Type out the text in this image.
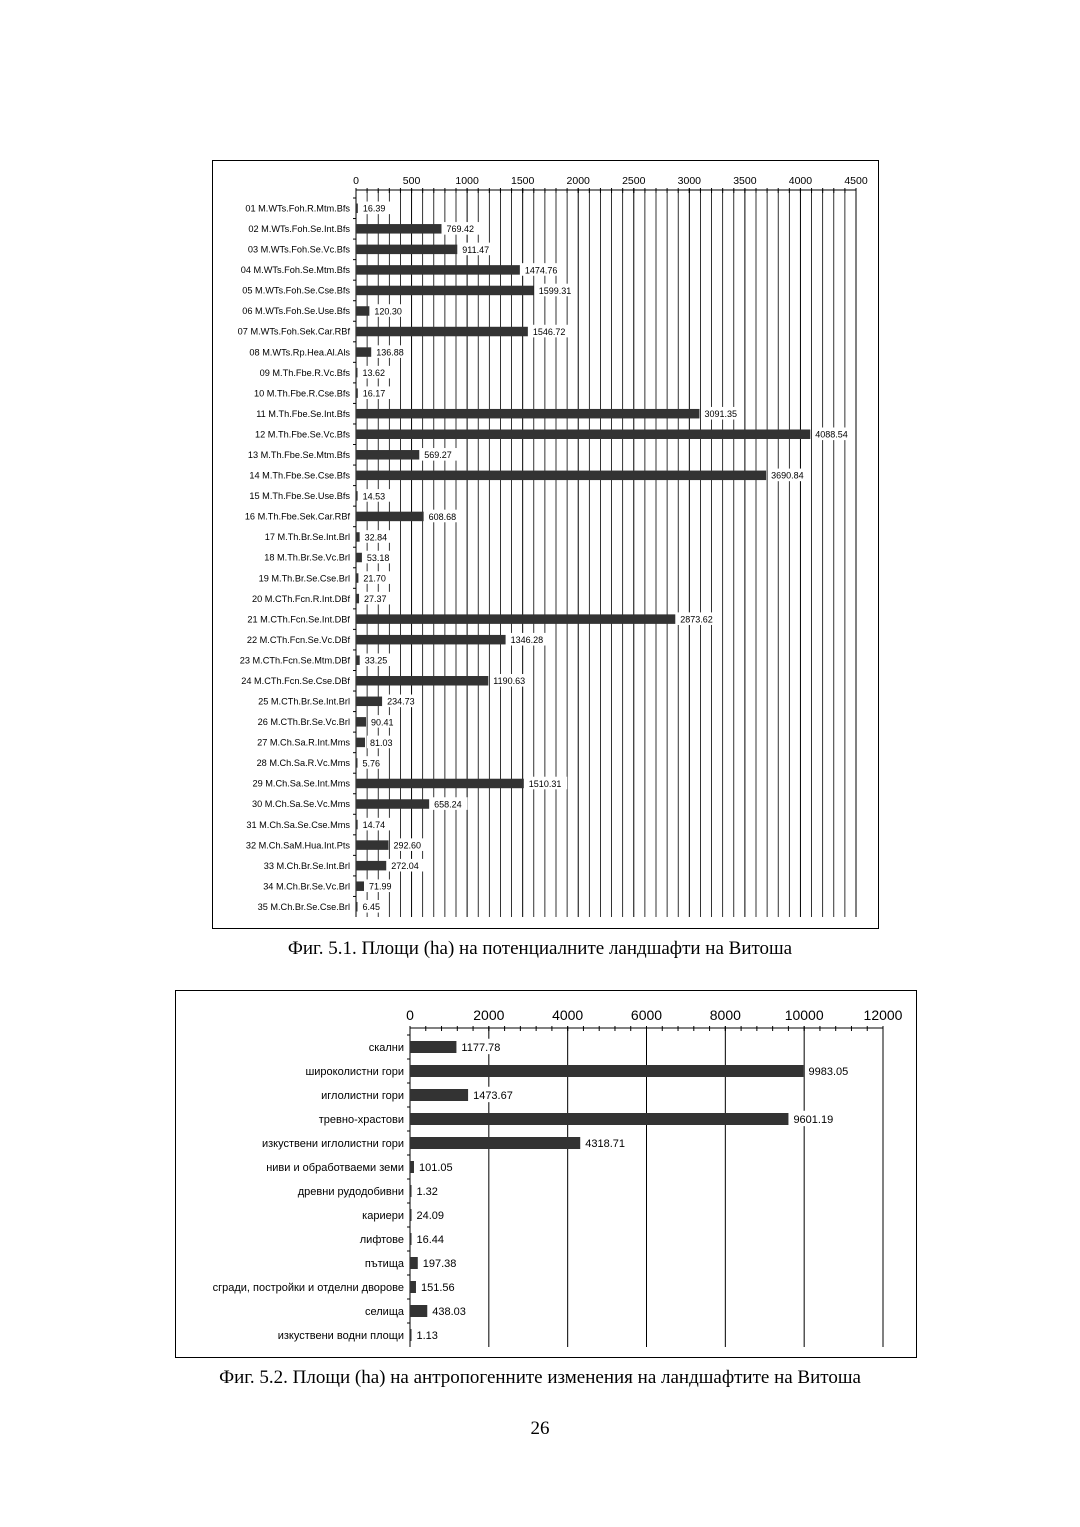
0	500	1000	1500	2000	2500	3000	3500	4000	4500
01 M.WTs.Foh.R.Mtm.Bfs 16.39
02 M.WTs.Foh.Se.Int.Bfs	769.42
03 M.WTs.Foh.Se.Vc.Bfs	911.47
04 M.WTs.Foh.Se.Mtm.Bfs	1474.76
05 M.WTs.Foh.Se.Cse.Bfs	1599.31
06 M.WTs.Foh.Se.Use.Bfs	120.30
07 M.WTs.Foh.Sek.Car.RBf	1546.72
08 M.WTs.Rp.Hea.Al.Als	136.88
09 M.Th.Fbe.R.Vc.Bfs 13.62
10 M.Th.Fbe.R.Cse.Bfs 16.17
11 M.Th.Fbe.Se.Int.Bfs	3091.35
12 M.Th.Fbe.Se.Vc.Bfs	4088.54
13 M.Th.Fbe.Se.Mtm.Bfs	569.27
14 M.Th.Fbe.Se.Cse.Bfs	3690.84
15 M.Th.Fbe.Se.Use.Bfs 14.53
16 M.Th.Fbe.Sek.Car.RBf	608.68
17 M.Th.Br.Se.Int.Brl 32.84
18 M.Th.Br.Se.Vc.Brl 53.18
19 M.Th.Br.Se.Cse.Brl 21.70
20 M.CTh.Fcn.R.Int.DBf 27.37
21 M.CTh.Fcn.Se.Int.DBf	2873.62
22 M.CTh.Fcn.Se.Vc.DBf	1346.28
23 M.CTh.Fcn.Se.Mtm.DBf 33.25
24 M.CTh.Fcn.Se.Cse.DBf	1190.63
25 M.CTh.Br.Se.Int.Brl	234.73
26 M.CTh.Br.Se.Vc.Brl 90.41
27 M.Ch.Sa.R.Int.Mms 81.03
28 M.Ch.Sa.R.Vc.Mms 5.76
29 M.Ch.Sa.Se.Int.Mms	1510.31
30 M.Ch.Sa.Se.Vc.Mms	658.24
31 M.Ch.Sa.Se.Cse.Mms 14.74
32 M.Ch.SaM.Hua.Int.Pts	292.60
33 M.Ch.Br.Se.Int.Brl	272.04
34 M.Ch.Br.Se.Vc.Brl 71.99
35 M.Ch.Br.Se.Cse.Brl 6.45
Фиг. 5.1. Площи (ha) на потенциалните ландшафти на Витоша
0	2000	4000	6000	8000	10000	12000
скални	1177.78
широколистни гори	9983.05
иглолистни гори	1473.67
тревно-храстови	9601.19
изкуствени иглолистни гори	4318.71
ниви и обработваеми земи 101.05
древни рудодобивни 1.32
кариери 24.09
лифтове 16.44
пътища 197.38
сгради, постройки и отделни дворове 151.56
селища	438.03
изкуствени водни площи 1.13
Фиг. 5.2. Площи (ha) на антропогенните изменения на ландшафтите на Витоша
26
